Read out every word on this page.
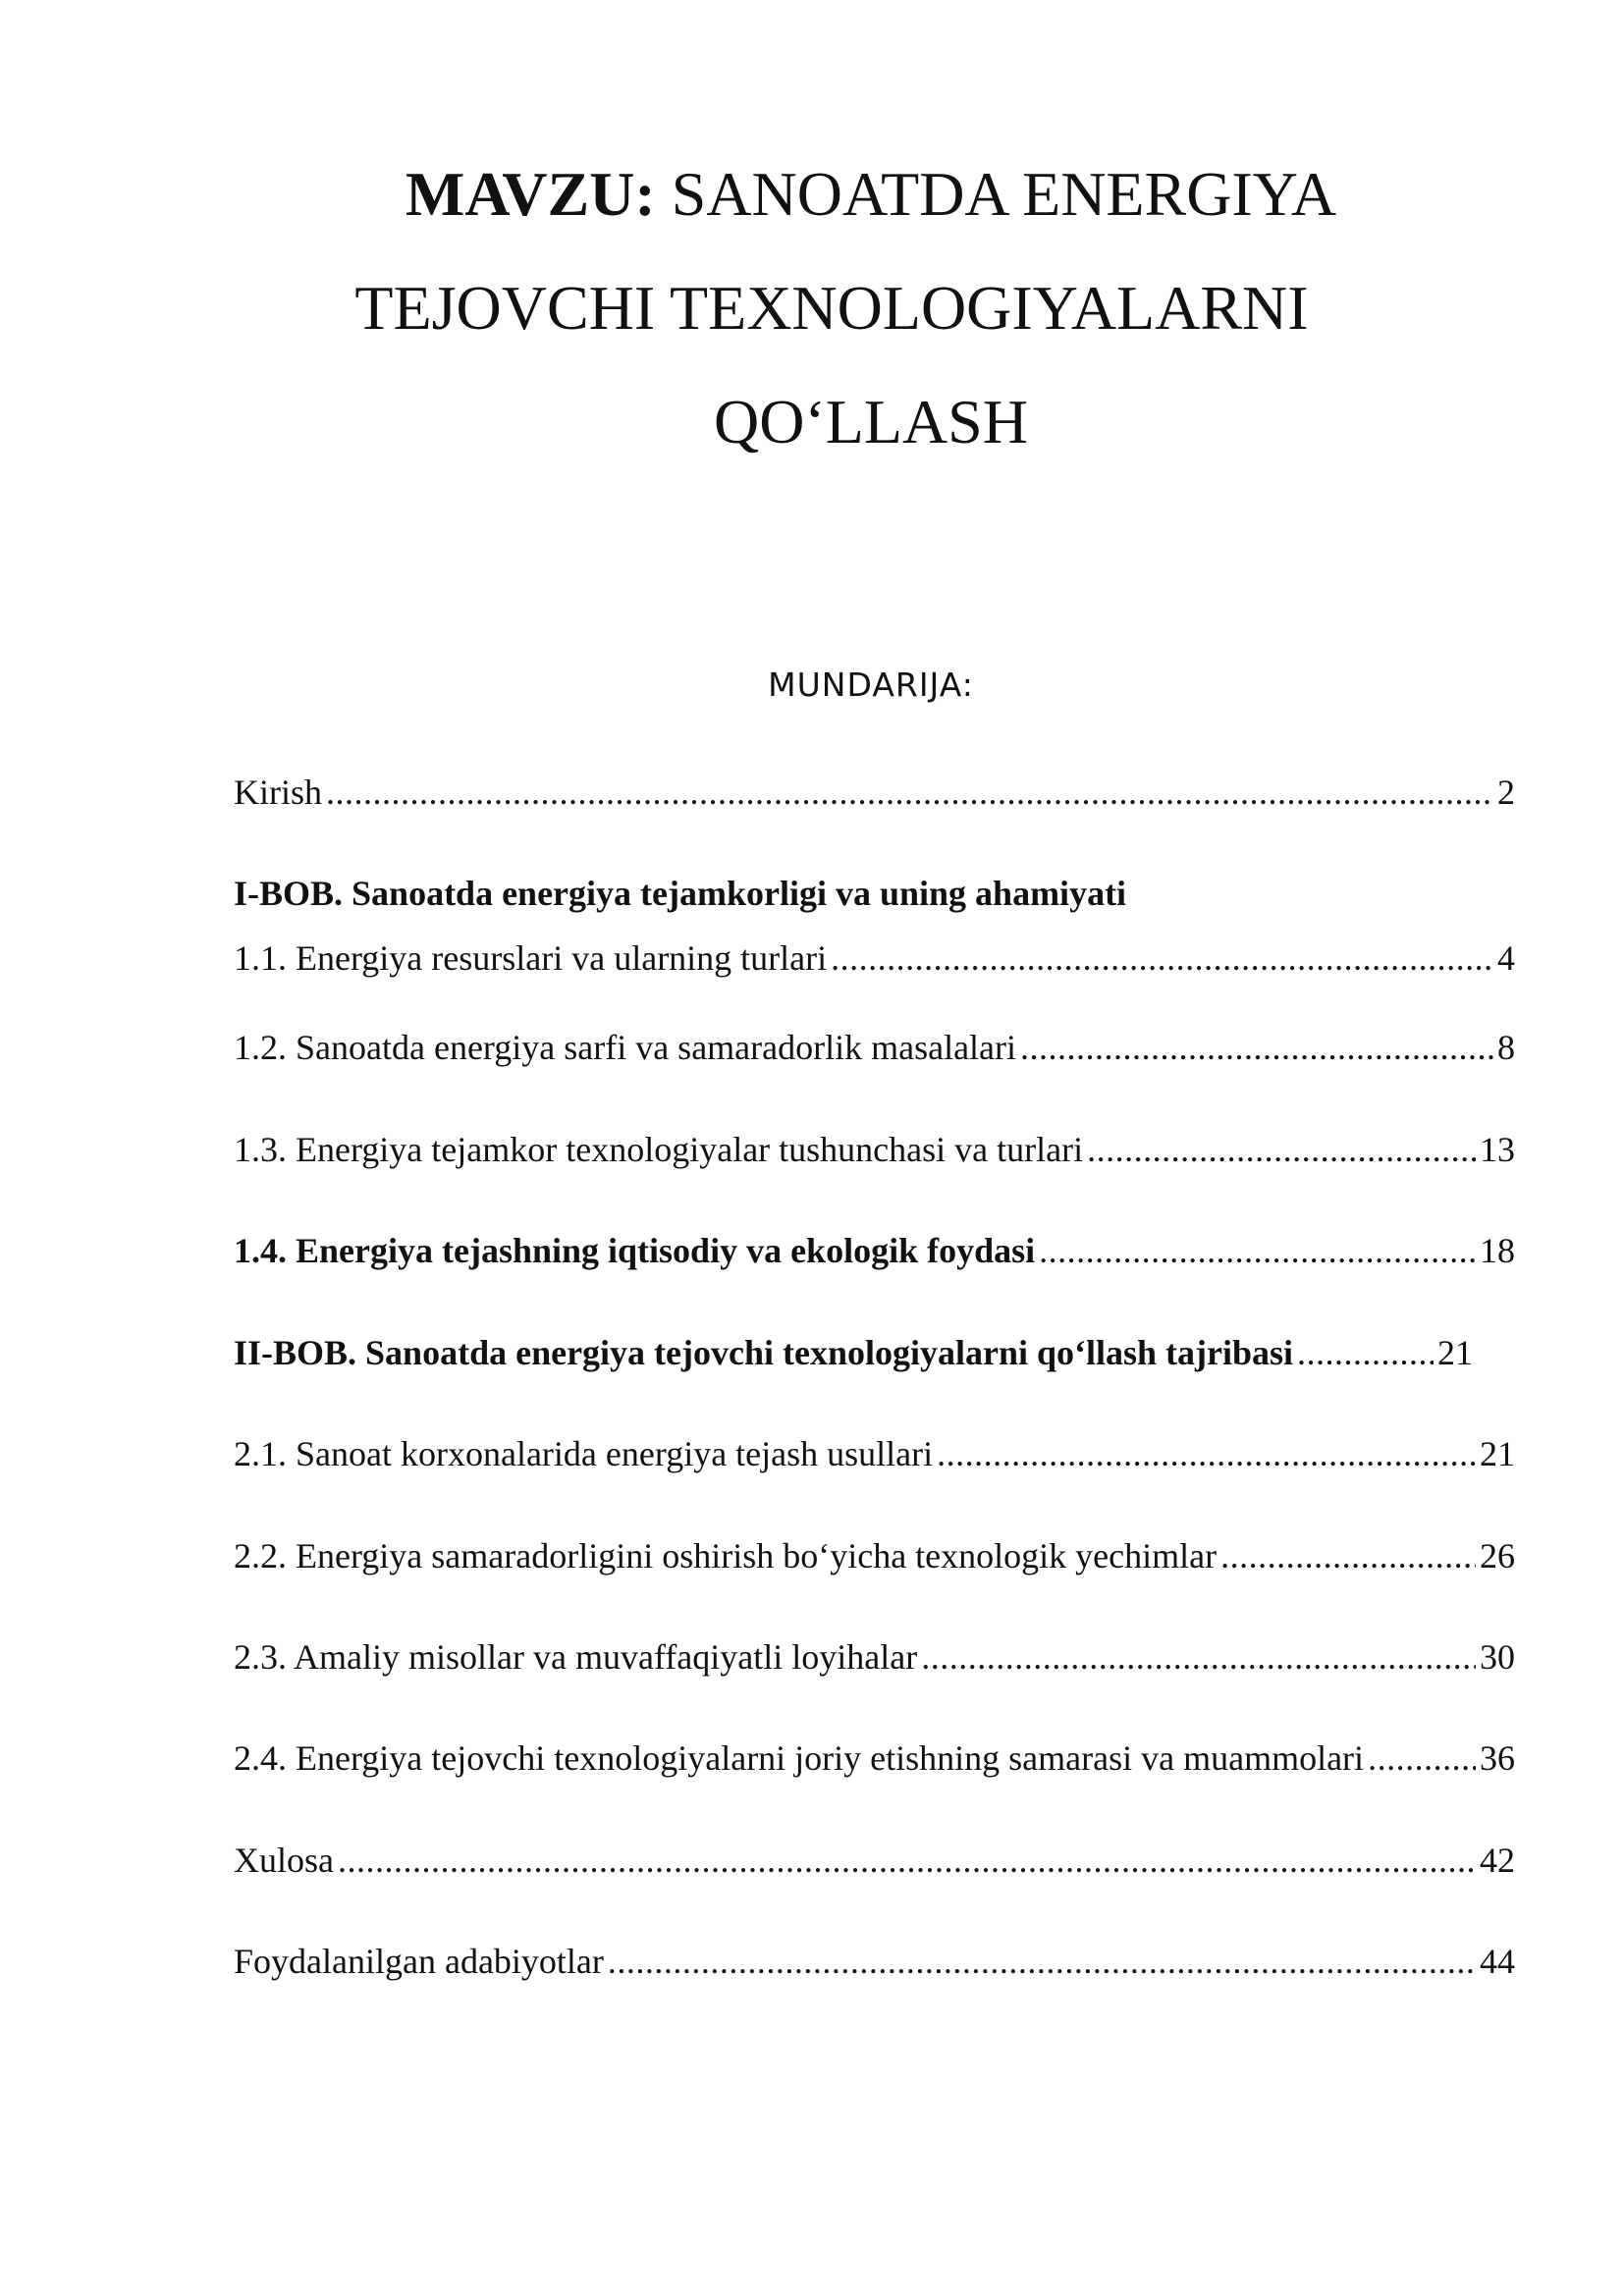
MAVZU: SANOATDA ENERGIYA
TEJOVCHI TEXNOLOGIYALARNI
QO‘LLASH
MUNDARIJA:
Kirish .....	2
I-BOB. Sanoatda energiya tejamkorligi va uning ahamiyati
1.1. Energiya resurslari va ularning turlari .....	4
1.2. Sanoatda energiya sarfi va samaradorlik masalalari .....	8
1.3. Energiya tejamkor texnologiyalar tushunchasi va turlari .....	13
1.4. Energiya tejashning iqtisodiy va ekologik foydasi .....	18
II-BOB. Sanoatda energiya tejovchi texnologiyalarni qo‘llash tajribasi .....	21
2.1. Sanoat korxonalarida energiya tejash usullari .....	21
2.2. Energiya samaradorligini oshirish bo‘yicha texnologik yechimlar .....	26
2.3. Amaliy misollar va muvaffaqiyatli loyihalar .....	30
2.4. Energiya tejovchi texnologiyalarni joriy etishning samarasi va muammolari .....	36
Xulosa .....	42
Foydalanilgan adabiyotlar .....	44
